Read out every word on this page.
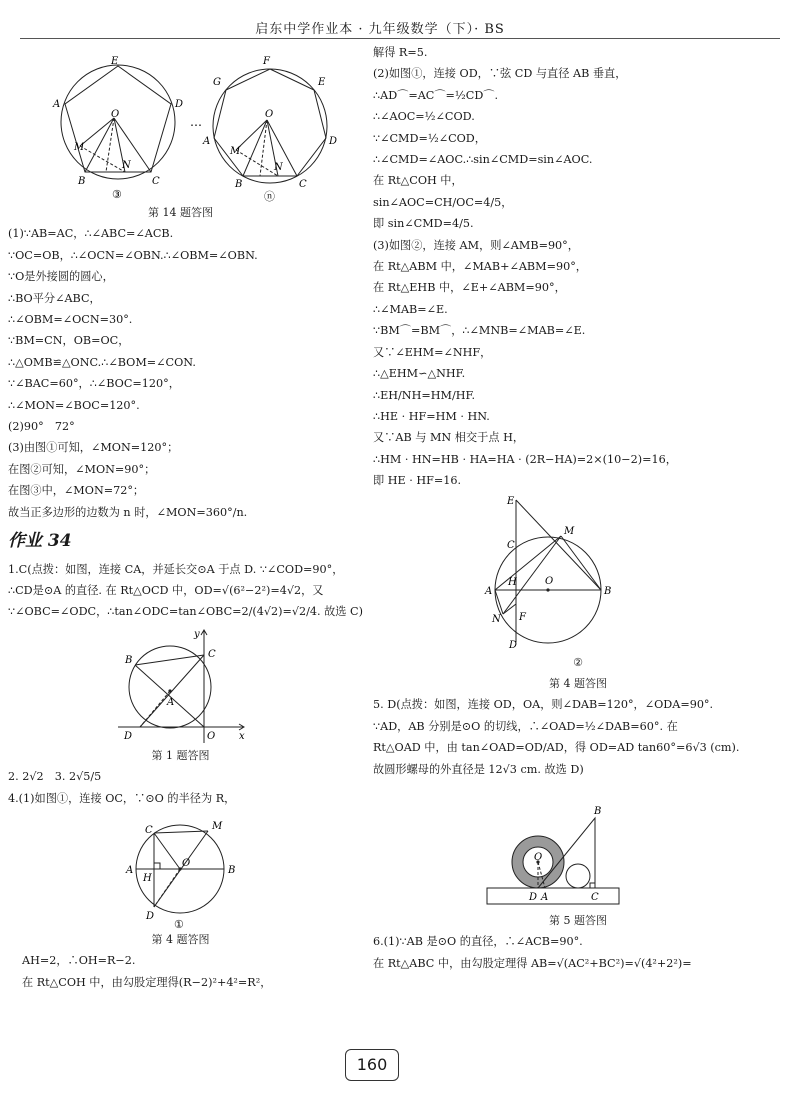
启东中学作业本 · 九年级数学（下）· BS
E
A	D
O
M
N
B	C
③
…
F
G	E
D
A
O
M
N
B	C
ⓝ

第 14 题答图

(1)∵AB=AC，∴∠ABC=∠ACB.

∵OC=OB，∴∠OCN=∠OBN.∴∠OBM=∠OBN.

∵O是外接圆的圆心，

∴BO平分∠ABC，

∴∠OBM=∠OCN=30°.

∵BM=CN，OB=OC，

∴△OMB≌△ONC.∴∠BOM=∠CON.

∵∠BAC=60°，∴∠BOC=120°，

∴∠MON=∠BOC=120°.

(2)90°　72°

(3)由图①可知，∠MON=120°；

在图②可知，∠MON=90°；

在图③中，∠MON=72°；

故当正多边形的边数为 n 时，∠MON=360°/n.

作业 34

1.C(点拨：如图，连接 CA，并延长交⊙A 于点 D. ∵∠COD=90°，

∴CD是⊙A 的直径. 在 Rt△OCD 中，OD=√(6²−2²)=4√2，又

∵∠OBC=∠ODC，∴tan∠ODC=tan∠OBC=2/(4√2)=√2/4. 故选 C)

y
B
C
A
D	O x

第 1 题答图

2. 2√2　3. 2√5/5

4.(1)如图①，连接 OC，∵⊙O 的半径为 R，

C	M
A
H
O
B
D
①

第 4 题答图

AH=2，∴OH=R−2.

在 Rt△COH 中，由勾股定理得(R−2)²+4²=R²，

解得 R=5.

(2)如图①，连接 OD，∵弦 CD 与直径 AB 垂直，

∴AD⌒=AC⌒=½CD⌒.

∴∠AOC=½∠COD.

∵∠CMD=½∠COD，

∴∠CMD=∠AOC.∴sin∠CMD=sin∠AOC.

在 Rt△COH 中，

sin∠AOC=CH/OC=4/5，

即 sin∠CMD=4/5.

(3)如图②，连接 AM，则∠AMB=90°，

在 Rt△ABM 中，∠MAB+∠ABM=90°，

在 Rt△EHB 中，∠E+∠ABM=90°，

∴∠MAB=∠E.

∵BM⌒=BM⌒，∴∠MNB=∠MAB=∠E.

又∵∠EHM=∠NHF，

∴△EHM∽△NHF.

∴EH/NH=HM/HF.

∴HE · HF=HM · HN.

又∵AB 与 MN 相交于点 H，

∴HM · HN=HB · HA=HA · (2R−HA)=2×(10−2)=16，

即 HE · HF=16.

E
M
C
A
H	O
B
N F
D

②

第 4 题答图

5. D(点拨：如图，连接 OD，OA，则∠DAB=120°，∠ODA=90°.

∵AD，AB 分别是⊙O 的切线，∴∠OAD=½∠DAB=60°. 在

Rt△OAD 中，由 tan∠OAD=OD/AD，得 OD=AD tan60°=6√3 (cm).

故圆形螺母的外直径是 12√3 cm. 故选 D)

B
O
D A	C

第 5 题答图

6.(1)∵AB 是⊙O 的直径，∴∠ACB=90°.

在 Rt△ABC 中，由勾股定理得 AB=√(AC²+BC²)=√(4²+2²)=

160
